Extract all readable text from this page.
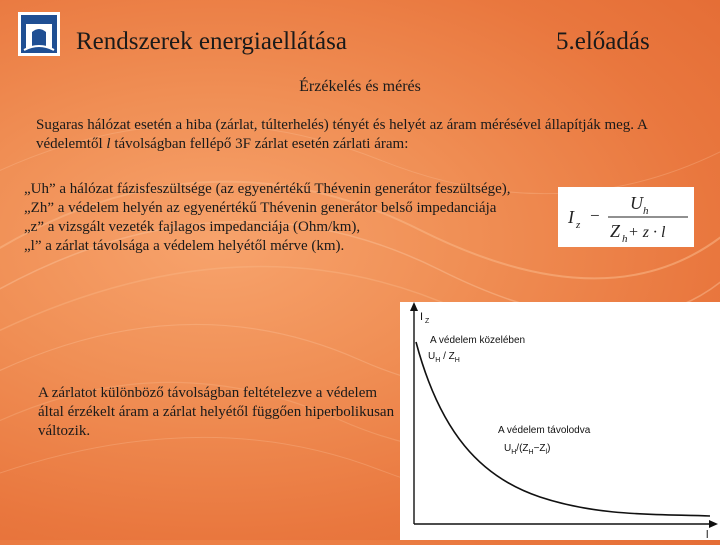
Rendszerek energiaellátása	5.előadás
Érzékelés és mérés
Sugaras hálózat esetén a hiba (zárlat, túlterhelés) tényét és helyét az áram mérésével állapítják meg. A védelemtől l távolságban fellépő 3F zárlat esetén zárlati áram:
„Uh” a hálózat fázisfeszültsége (az egyenértékű Thévenin generátor feszültsége),
„Zh” a védelem helyén az egyenértékű Thévenin generátor belső impedanciája
„z” a vizsgált vezeték fajlagos impedanciája (Ohm/km),
„l” a zárlat távolsága a védelem helyétől mérve (km).
I z −
U h
Z h + z · l
I Z
l
A védelem közelében
$U_H / Z_H$
A védelem távolodva
$U_H/(Z_H-Z_l)$
A zárlatot különböző távolságban feltételezve a védelem által érzékelt áram a zárlat helyétől függően hiperbolikusan változik.
